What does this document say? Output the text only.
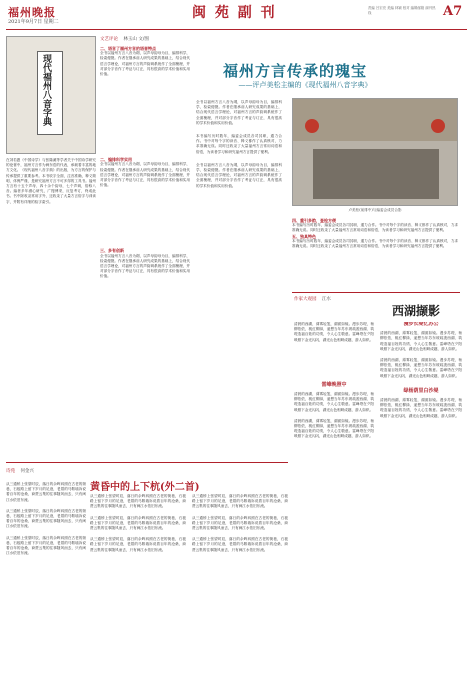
福州晚报
2021年9月7日 星期二
闽 苑 副 刊	责编 吕宏亮 美编 林颖 校对 编辑邮箱 副刊热线	A7
现代福州八音字典
在刘若愚《中国诗学》与张隆溪等学者关于中国诗学研究的论著中，福州方言作为闽东语的代表，承载着丰富的地方文化。《现代福州八音字典》的出版，为方言的保护与传承提供了重要参考。本书收字全面，注音准确，释义简明，体例严谨，是研究福州方言不可多得的工具书。福州方言有十五个声母、四十余个韵母，七个声调，俗称八音。编者多年潜心研究，广搜博采，反复考订，终成此书。书中除收录常用字外，还收录了大量方言俗字与训读字，并附有详细的检字索引。
文艺评论 林玉山 文/图
二、语言了福州方言的语音特点
全书以福州方言八音为纲，以声母韵母为目，编排科学，检索便捷。作者在继承前人研究成果的基础上，结合现代语言学理论，对福州方言的声韵调系统作了全面梳理，并对部分字音作了考证与订正，具有很高的学术价值和实用价值。
二、编排科学实用
全书以福州方言八音为纲，以声母韵母为目，编排科学，检索便捷。作者在继承前人研究成果的基础上，结合现代语言学理论，对福州方言的声韵调系统作了全面梳理，并对部分字音作了考证与订正，具有很高的学术价值和实用价值。
三、多有创新
全书以福州方言八音为纲，以声母韵母为目，编排科学，检索便捷。作者在继承前人研究成果的基础上，结合现代语言学理论，对福州方言的声韵调系统作了全面梳理，并对部分字音作了考证与订正，具有很高的学术价值和实用价值。
全书以福州方言八音为纲，以声母韵母为目，编排科学，检索便捷。作者在继承前人研究成果的基础上，结合现代语言学理论，对福州方言的声韵调系统作了全面梳理，并对部分字音作了考证与订正，具有很高的学术价值和实用价值。
本书编写历时数年，编委会成员各司其职，通力合作。书中对每个字的读音、释义都作了认真核对，力求准确无误。同时还收录了大量福州方言常用词语和俗语，为读者学习和研究福州方言提供了便利。
全书以福州方言八音为纲，以声母韵母为目，编排科学，检索便捷。作者在继承前人研究成果的基础上，结合现代语言学理论，对福州方言的声韵调系统作了全面梳理，并对部分字音作了考证与订正，具有很高的学术价值和实用价值。
福州方言传承的瑰宝
——评卢美松主编的《现代福州八音字典》
卢美松(前排中)与编委会成员合影
四、重引多韵，查检方便
本书编写历时数年，编委会成员各司其职，通力合作。书中对每个字的读音、释义都作了认真核对，力求准确无误。同时还收录了大量福州方言常用词语和俗语，为读者学习和研究福州方言提供了便利。
五、独具特色
本书编写历时数年，编委会成员各司其职，通力合作。书中对每个字的读音、释义都作了认真核对，力求准确无误。同时还收录了大量福州方言常用词语和俗语，为读者学习和研究福州方言提供了便利。
诗苑 何金兴
黄昏中的上下杭(外二首)
从三通桥上张望时辰，落日的余晖斜照在古老的街巷，石板路上留下岁月的足迹，老厝的马鞍墙诉说着百年的沧桑，商贾云集的往事随风而去，只有闽江水依旧东流。
从三通桥上张望时辰，落日的余晖斜照在古老的街巷，石板路上留下岁月的足迹，老厝的马鞍墙诉说着百年的沧桑，商贾云集的往事随风而去，只有闽江水依旧东流。
从三通桥上张望时辰，落日的余晖斜照在古老的街巷，石板路上留下岁月的足迹，老厝的马鞍墙诉说着百年的沧桑，商贾云集的往事随风而去，只有闽江水依旧东流。
从三通桥上张望时辰，落日的余晖斜照在古老的街巷，石板路上留下岁月的足迹，老厝的马鞍墙诉说着百年的沧桑，商贾云集的往事随风而去，只有闽江水依旧东流。
从三通桥上张望时辰，落日的余晖斜照在古老的街巷，石板路上留下岁月的足迹，老厝的马鞍墙诉说着百年的沧桑，商贾云集的往事随风而去，只有闽江水依旧东流。
从三通桥上张望时辰，落日的余晖斜照在古老的街巷，石板路上留下岁月的足迹，老厝的马鞍墙诉说着百年的沧桑，商贾云集的往事随风而去，只有闽江水依旧东流。
从三通桥上张望时辰，落日的余晖斜照在古老的街巷，石板路上留下岁月的足迹，老厝的马鞍墙诉说着百年的沧桑，商贾云集的往事随风而去，只有闽江水依旧东流。
从三通桥上张望时辰，落日的余晖斜照在古老的街巷，石板路上留下岁月的足迹，老厝的马鞍墙诉说着百年的沧桑，商贾云集的往事随风而去，只有闽江水依旧东流。
从三通桥上张望时辰，落日的余晖斜照在古老的街巷，石板路上留下岁月的足迹，老厝的马鞍墙诉说着百年的沧桑，商贾云集的往事随风而去，只有闽江水依旧东流。
作家大观园 江水
西湖撷影
清晨的西湖，薄雾轻笼，湖面如镜。漫步苏堤，杨柳依依，桃红柳绿，遥想当年苏东坡疏浚西湖、筑堤造福百姓的功绩，令人心生敬意。雷峰塔在夕阳映照下金光闪闪，湖光山色相映成趣，游人如织。
雷峰晚照中
清晨的西湖，薄雾轻笼，湖面如镜。漫步苏堤，杨柳依依，桃红柳绿，遥想当年苏东坡疏浚西湖、筑堤造福百姓的功绩，令人心生敬意。雷峰塔在夕阳映照下金光闪闪，湖光山色相映成趣，游人如织。
清晨的西湖，薄雾轻笼，湖面如镜。漫步苏堤，杨柳依依，桃红柳绿，遥想当年苏东坡疏浚西湖、筑堤造福百姓的功绩，令人心生敬意。雷峰塔在夕阳映照下金光闪闪，湖光山色相映成趣，游人如织。
漫步长堤忆苏公
清晨的西湖，薄雾轻笼，湖面如镜。漫步苏堤，杨柳依依，桃红柳绿，遥想当年苏东坡疏浚西湖、筑堤造福百姓的功绩，令人心生敬意。雷峰塔在夕阳映照下金光闪闪，湖光山色相映成趣，游人如织。
清晨的西湖，薄雾轻笼，湖面如镜。漫步苏堤，杨柳依依，桃红柳绿，遥想当年苏东坡疏浚西湖、筑堤造福百姓的功绩，令人心生敬意。雷峰塔在夕阳映照下金光闪闪，湖光山色相映成趣，游人如织。
绿杨荫里白沙堤
清晨的西湖，薄雾轻笼，湖面如镜。漫步苏堤，杨柳依依，桃红柳绿，遥想当年苏东坡疏浚西湖、筑堤造福百姓的功绩，令人心生敬意。雷峰塔在夕阳映照下金光闪闪，湖光山色相映成趣，游人如织。
